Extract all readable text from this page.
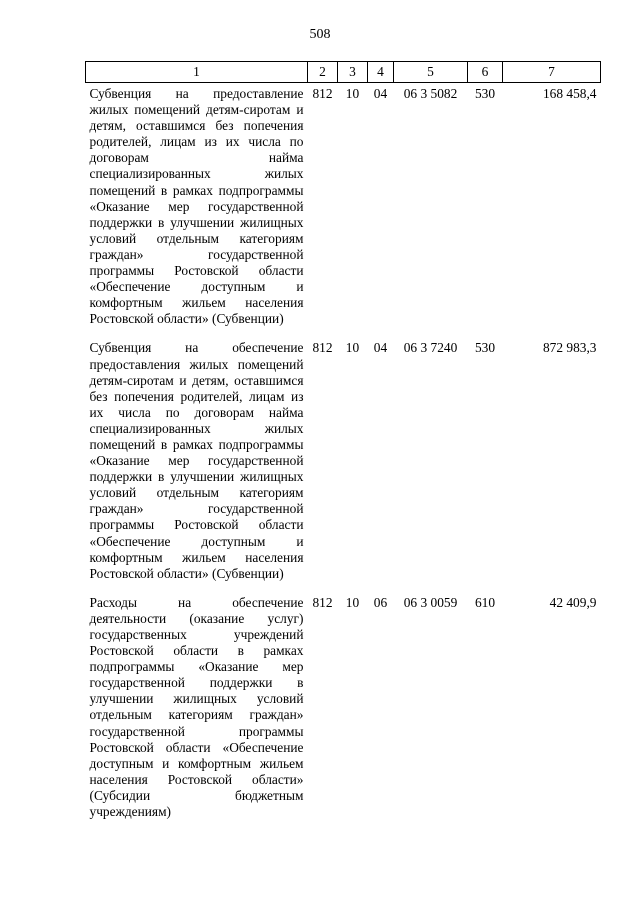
508
1	2	3	4	5	6	7
Субвенция на предоставление жилых помещений детям-сиротам и детям, оставшимся без попечения родителей, лицам из их числа по договорам найма специализированных жилых помещений в рамках подпрограммы «Оказание мер государственной поддержки в улучшении жилищных условий отдельным категориям граждан» государственной программы Ростовской области «Обеспечение доступным и комфортным жильем населения Ростовской области» (Субвенции)	812	10	04	06 3 5082	530	168 458,4
Субвенция на обеспечение предоставления жилых помещений детям-сиротам и детям, оставшимся без попечения родителей, лицам из их числа по договорам найма специализированных жилых помещений в рамках подпрограммы «Оказание мер государственной поддержки в улучшении жилищных условий отдельным категориям граждан» государственной программы Ростовской области «Обеспечение доступным и комфортным жильем населения Ростовской области» (Субвенции)	812	10	04	06 3 7240	530	872 983,3
Расходы на обеспечение деятельности (оказание услуг) государственных учреждений Ростовской области в рамках подпрограммы «Оказание мер государственной поддержки в улучшении жилищных условий отдельным категориям граждан» государственной программы Ростовской области «Обеспечение доступным и комфортным жильем населения Ростовской области» (Субсидии бюджетным учреждениям)	812	10	06	06 3 0059	610	42 409,9
